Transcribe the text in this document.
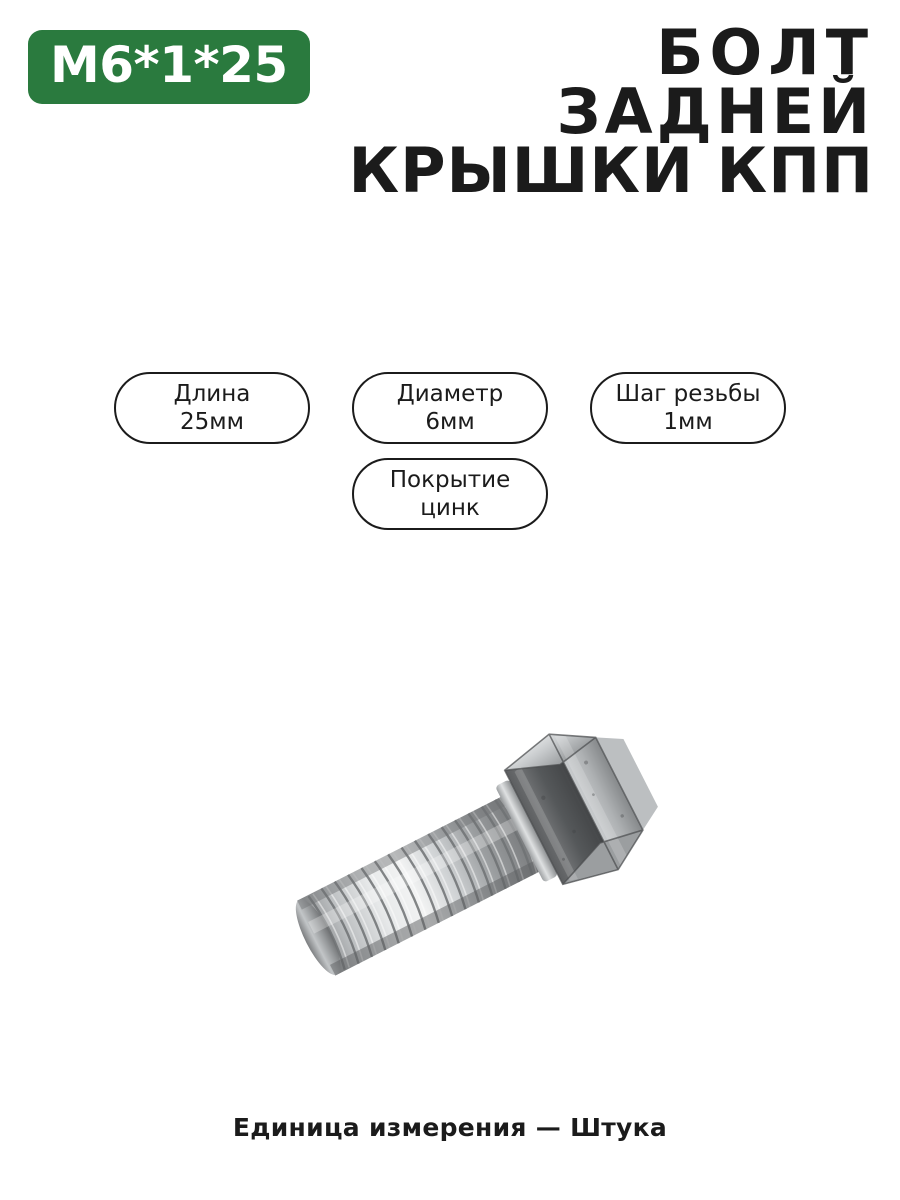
M6*1*25	БОЛТ
ЗАДНЕЙ
КРЫШКИ КПП
Длина
25мм
Диаметр
6мм
Шаг резьбы
1мм
Покрытие
цинк
Единица измерения — Штука
